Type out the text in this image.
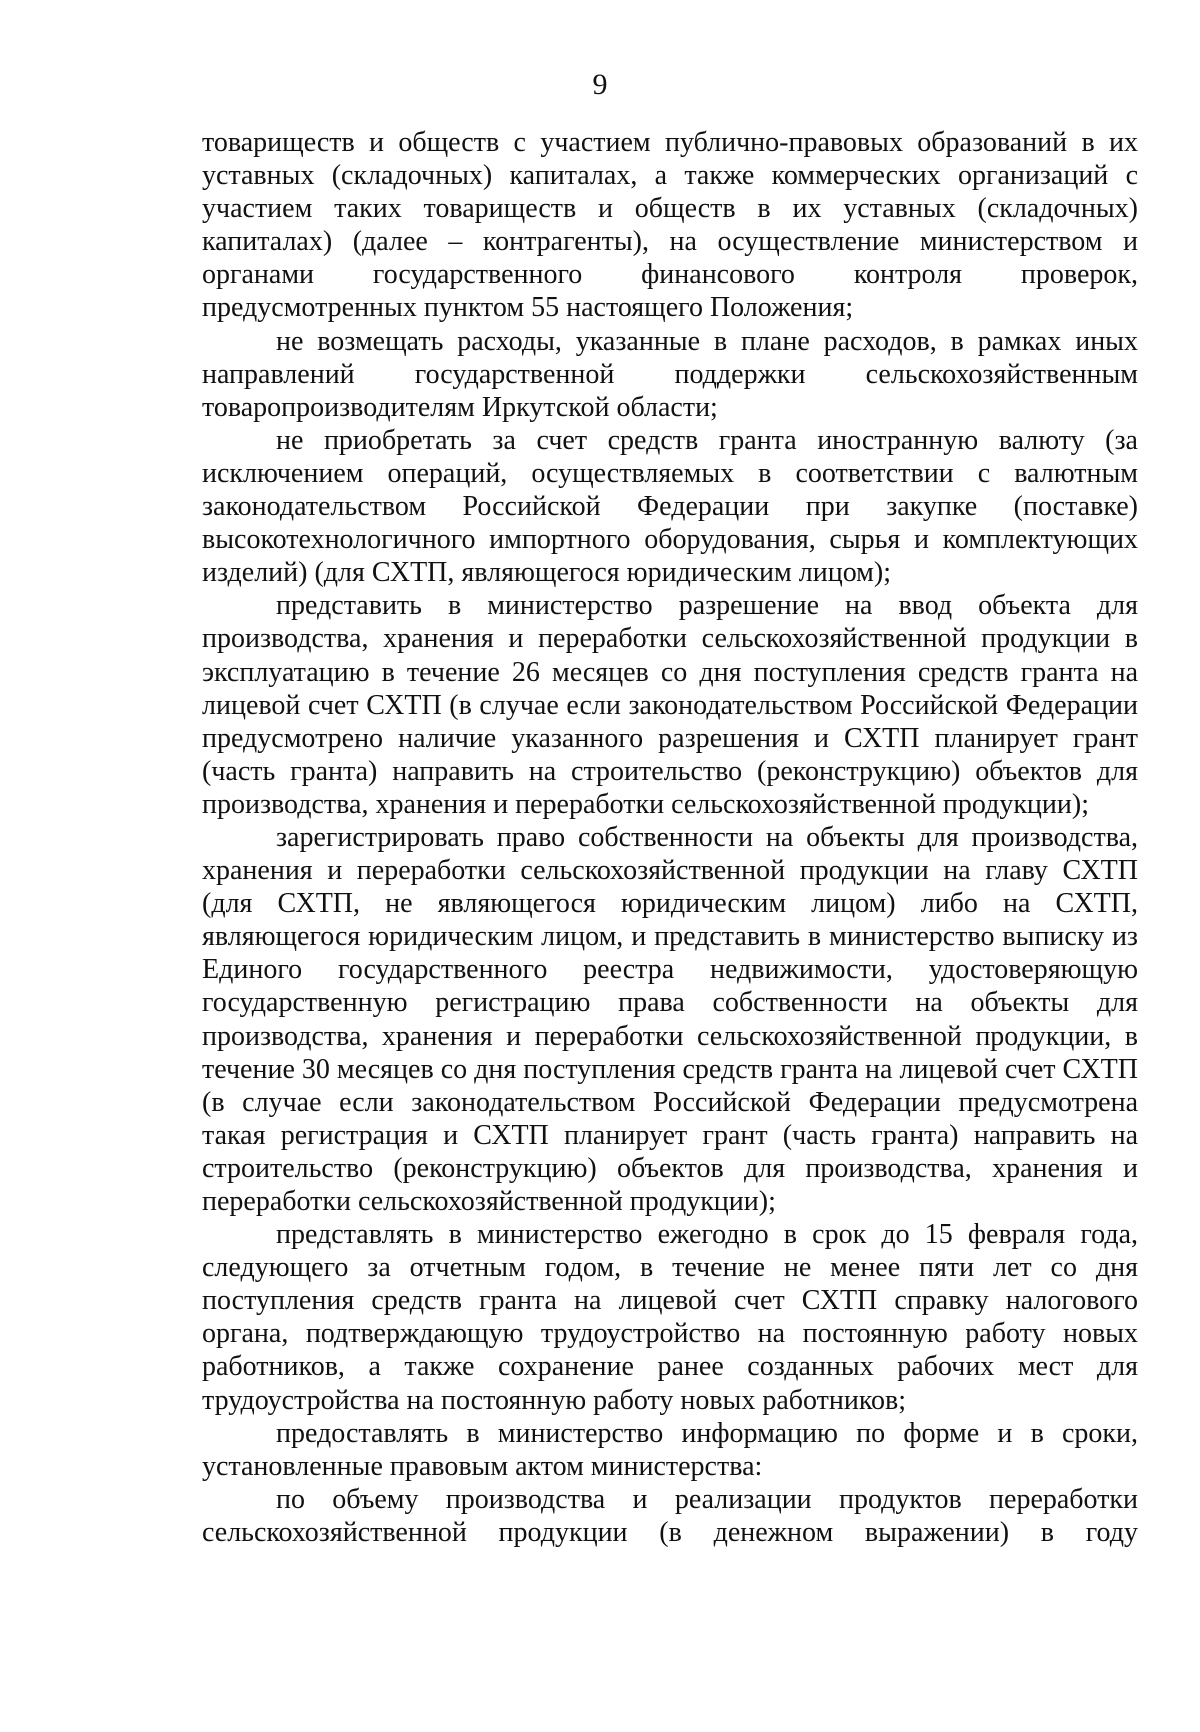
9

товариществ и обществ с участием публично-правовых образований в их уставных (складочных) капиталах, а также коммерческих организаций с участием таких товариществ и обществ в их уставных (складочных) капиталах) (далее – контрагенты), на осуществление министерством и органами государственного финансового контроля проверок, предусмотренных пунктом 55 настоящего Положения;

не возмещать расходы, указанные в плане расходов, в рамках иных направлений государственной поддержки сельскохозяйственным товаропроизводителям Иркутской области;

не приобретать за счет средств гранта иностранную валюту (за исключением операций, осуществляемых в соответствии с валютным законодательством Российской Федерации при закупке (поставке) высокотехнологичного импортного оборудования, сырья и комплектующих изделий) (для СХТП, являющегося юридическим лицом);

представить в министерство разрешение на ввод объекта для производства, хранения и переработки сельскохозяйственной продукции в эксплуатацию в течение 26 месяцев со дня поступления средств гранта на лицевой счет СХТП (в случае если законодательством Российской Федерации предусмотрено наличие указанного разрешения и СХТП планирует грант (часть гранта) направить на строительство (реконструкцию) объектов для производства, хранения и переработки сельскохозяйственной продукции);

зарегистрировать право собственности на объекты для производства, хранения и переработки сельскохозяйственной продукции на главу СХТП (для СХТП, не являющегося юридическим лицом) либо на СХТП, являющегося юридическим лицом, и представить в министерство выписку из Единого государственного реестра недвижимости, удостоверяющую государственную регистрацию права собственности на объекты для производства, хранения и переработки сельскохозяйственной продукции, в течение 30 месяцев со дня поступления средств гранта на лицевой счет СХТП (в случае если законодательством Российской Федерации предусмотрена такая регистрация и СХТП планирует грант (часть гранта) направить на строительство (реконструкцию) объектов для производства, хранения и переработки сельскохозяйственной продукции);

представлять в министерство ежегодно в срок до 15 февраля года, следующего за отчетным годом, в течение не менее пяти лет со дня поступления средств гранта на лицевой счет СХТП справку налогового органа, подтверждающую трудоустройство на постоянную работу новых работников, а также сохранение ранее созданных рабочих мест для трудоустройства на постоянную работу новых работников;

предоставлять в министерство информацию по форме и в сроки, установленные правовым актом министерства:

по объему производства и реализации продуктов переработки сельскохозяйственной продукции (в денежном выражении) в году
